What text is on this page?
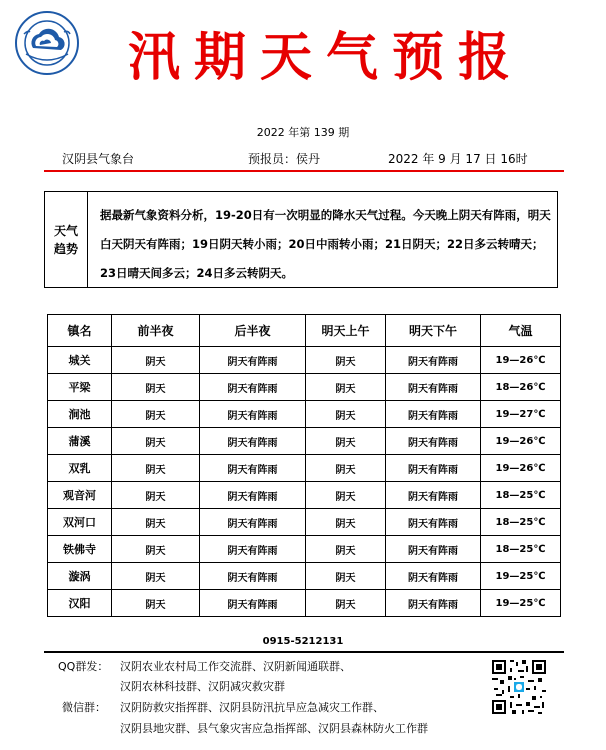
汛期天气预报
2022 年第 139 期
汉阴县气象台	预报员：侯丹	2022 年 9 月 17 日 16时
天气
趋势
据最新气象资料分析，19-20日有一次明显的降水天气过程。今天晚上阴天有阵雨，明天白天阴天有阵雨；19日阴天转小雨；20日中雨转小雨；21日阴天；22日多云转晴天；23日晴天间多云；24日多云转阴天。
镇名	前半夜	后半夜	明天上午	明天下午	气温
城关	阴天	阴天有阵雨	阴天	阴天有阵雨	19—26℃
平梁	阴天	阴天有阵雨	阴天	阴天有阵雨	18—26℃
涧池	阴天	阴天有阵雨	阴天	阴天有阵雨	19—27℃
蒲溪	阴天	阴天有阵雨	阴天	阴天有阵雨	19—26℃
双乳	阴天	阴天有阵雨	阴天	阴天有阵雨	19—26℃
观音河	阴天	阴天有阵雨	阴天	阴天有阵雨	18—25℃
双河口	阴天	阴天有阵雨	阴天	阴天有阵雨	18—25℃
铁佛寺	阴天	阴天有阵雨	阴天	阴天有阵雨	18—25℃
漩涡	阴天	阴天有阵雨	阴天	阴天有阵雨	19—25℃
汉阳	阴天	阴天有阵雨	阴天	阴天有阵雨	19—25℃
0915-5212131
QQ群发： 汉阴农业农村局工作交流群、汉阴新闻通联群、
汉阴农林科技群、汉阴减灾救灾群
微信群： 汉阴防救灾指挥群、汉阴县防汛抗旱应急减灾工作群、
汉阴县地灾群、县气象灾害应急指挥部、汉阴县森林防火工作群
